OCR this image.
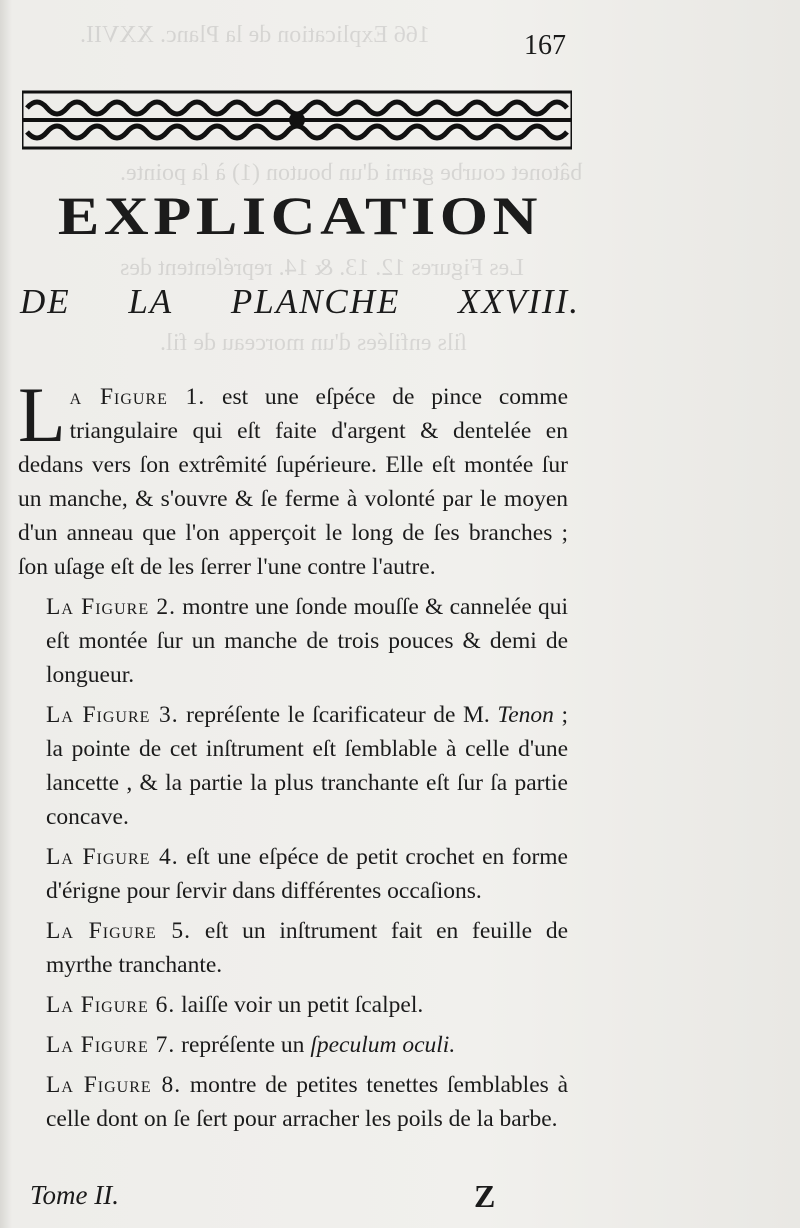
166 Explication de la Planc. XXVII.
bâtonet courbe garni d'un bouton (1) à ſa pointe.
Les Figures 12. 13. & 14. repréſentent des
ſils enfilées d'un morceau de fil.
167
EXPLICATION
DE LA PLANCHE XXVIII.

La Figure 1. est une eſpéce de pince comme triangulaire qui eſt faite d'argent & dentelée en dedans vers ſon extrêmité ſupérieure. Elle eſt montée ſur un manche, & s'ouvre & ſe ferme à volonté par le moyen d'un anneau que l'on apperçoit le long de ſes branches ; ſon uſage eſt de les ſerrer l'une contre l'autre.

La Figure 2. montre une ſonde mouſſe & cannelée qui eſt montée ſur un manche de trois pouces & demi de longueur.

La Figure 3. repréſente le ſcarificateur de M. Tenon ; la pointe de cet inſtrument eſt ſemblable à celle d'une lancette , & la partie la plus tranchante eſt ſur ſa partie concave.

La Figure 4. eſt une eſpéce de petit crochet en forme d'érigne pour ſervir dans différentes occaſions.

La Figure 5. eſt un inſtrument fait en feuille de myrthe tranchante.

La Figure 6. laiſſe voir un petit ſcalpel.

La Figure 7. repréſente un ſpeculum oculi.

La Figure 8. montre de petites tenettes ſemblables à celle dont on ſe ſert pour arracher les poils de la barbe.

Tome II.	Z
